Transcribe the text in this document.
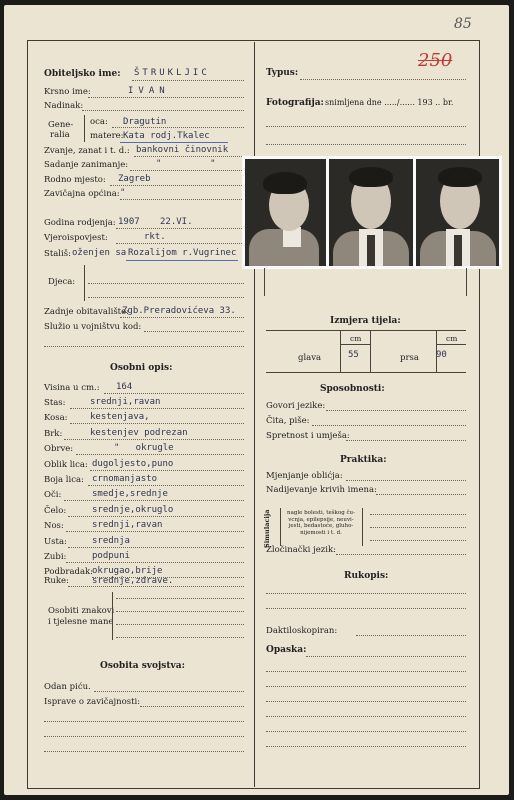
85
250
Obiteljsko ime: ŠTRUKLJIC
Krsno ime:	IVAN
Nadinak:
Gene-
ralia
oca: Dragutin
matere: Kata rodj.Tkalec
Zvanje, zanat i t. d.: bankovni činovnik
Sadanje zanimanje:	"         "
Rodno mjesto: Zagreb
Zavičajna općina: "
Godina rodjenja: 1907 22.VI.
Vjeroispovjest:	rkt.
Stališ: oženjen sa Rozalijom r.Vugrinec
Djeca:
Zadnje obitavalište:
Zgb.Preradovićeva 33.
Služio u vojništvu kod:
Osobni opis:
Visina u cm.: 164
Stas:	srednji,ravan
Kosa: kestenjava,
Brk:	kestenjev podrezan
Obrve:	"   okrugle
Oblik lica: dugoljesto,puno
Boja lica: crnomanjasto
Oči:	smedje,srednje
Čelo:	srednje,okruglo
Nos:	srednji,ravan
Usta:	srednja
Zubi:	podpuni
Podbradak:
okrugao,brije
Ruke:	srednje,zdrave.
Osobiti znakovi
i tjelesne mane
Osobita svojstva:
Odan piću.
Isprave o zavičajnosti:
Typus:
Fotografija: snimljena dne ...../...... 193 .. br.
Izmjera tijela:
cm	cm
glava	55	prsa 90
Sposobnosti:
Govori jezike:
Čita, piše:
Spretnost i umješa:
Praktika:
Mjenjanje oblićja:
Nadijevanje krivih imena:
Simulacija	nagle bolesti, teškog ču- vcnja, epilepsije, neuvi- jesti, bedastoće, gluho- nijemosti i t. d.
Zločinački jezik:
Rukopis:
Daktiloskopiran:
Opaska:
